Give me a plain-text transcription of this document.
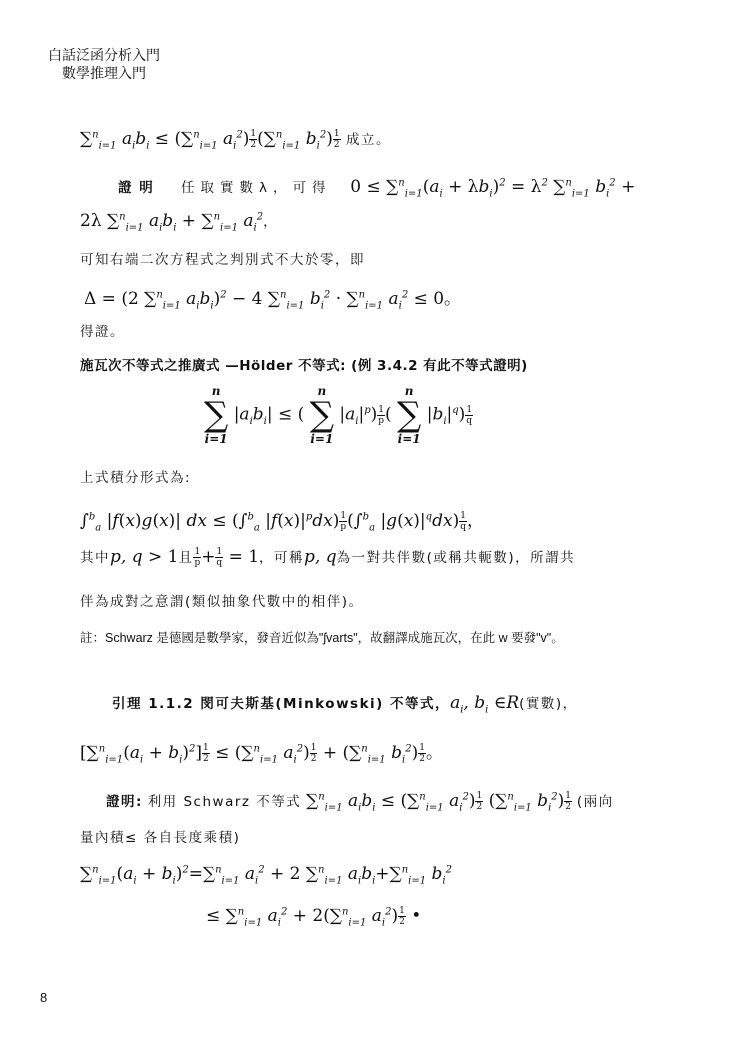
白話泛函分析入門
數學推理入門
∑$^n_{i=1}$ $a_ib_i \le (\sum^n_{i=1}$ $a_i^2) \frac{1}{2} (\sum^n_{i=1}$ $b_i^2) \frac{1}{2}$ 成立。
證 明 任取實數λ，可得 $0 \le \sum^n_{i=1}(a_i + \lambda b_i)^2 = \lambda^2$ ∑$^n_{i=1}$ $b_i^2$ +
2λ ∑$^n_{i=1}$ $a_ib_i + \sum^n_{i=1}$ $a_i^2$，
可知右端二次方程式之判別式不大於零，即
Δ = (2 ∑$^n_{i=1}$ $a_ib_i)^2 - 4$ ∑$^n_{i=1}$ $b_i^2 \cdot \sum^n_{i=1}$ $a_i^2 \le 0$。
得證。
施瓦次不等式之推廣式 —Hölder 不等式: (例 3.4.2 有此不等式證明)
n
∑
i=1
$|a_ib_i|$ ≤ (
n
∑
i=1
$|a_i|^p) \frac{1}{p}$ (
n
∑
i=1
$|b_i|^q) \frac{1}{q}$
上式積分形式為:
∫$^b_a$ |f(x)g(x)| dx ≤ (∫$^b_a$ $|f(x)|^pdx) \frac{1}{p} (\int^b_a$ $|g(x)|^qdx) \frac{1}{q}$ ，
其中p, q > 1且 $\frac{1}{p} + \frac{1}{q} = 1$，可稱p, q為一對共伴數(或稱共軛數)，所謂共
伴為成對之意謂(類似抽象代數中的相伴)。
註：Schwarz 是德國是數學家，發音近似為"ʃvarts"，故翻譯成施瓦次，在此 w 要發"v"。
引理 1.1.2 閔可夫斯基(Minkowski) 不等式，$a_i$, $b_i$ ∈R(實數)，
$[\sum^n_{i=1}(a_i + b_i)^2] \frac{1}{2} \le (\sum^n_{i=1}$ $a_i^2) \frac{1}{2} + (\sum^n_{i=1}$ $b_i^2) \frac{1}{2}$ 。
證明: 利用 Schwarz 不等式 ∑$^n_{i=1}$ $a_ib_i \le (\sum^n_{i=1}$ $a_i^2) \frac{1}{2} (\sum^n_{i=1}$ $b_i^2) \frac{1}{2}$ (兩向
量內積≤ 各自長度乘積)
$\sum^n_{i=1}(a_i + b_i)^2=\sum^n_{i=1}$ $a_i^2 + 2$ ∑$^n_{i=1}$ $a_ib_i+\sum^n_{i=1}$ $b_i^2$
≤ ∑$^n_{i=1}$ $a_i^2 + 2(\sum^n_{i=1}$ $a_i^2) \frac{1}{2}$ •
8
